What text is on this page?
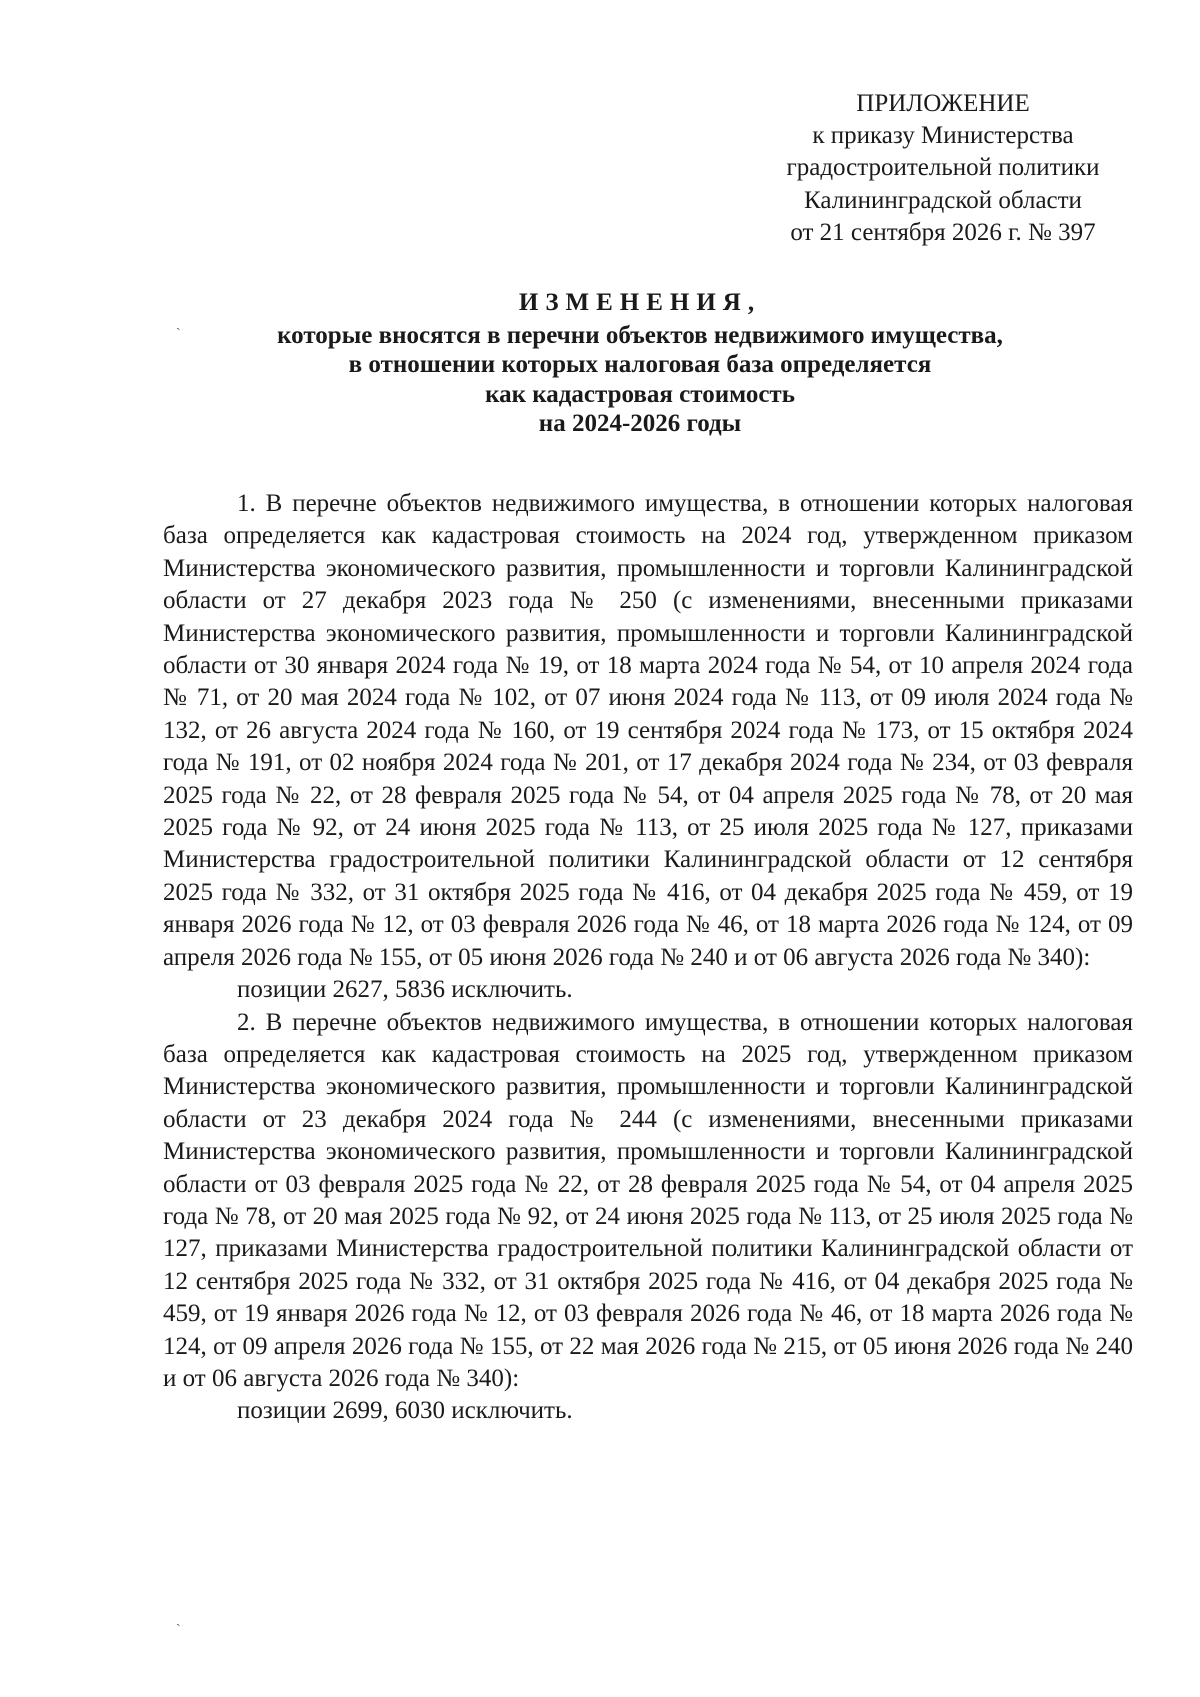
ПРИЛОЖЕНИЕ
к приказу Министерства
градостроительной политики
Калининградской области
от 21 сентября 2026 г. № 397
ИЗМЕНЕНИЯ,
которые вносятся в перечни объектов недвижимого имущества,
в отношении которых налоговая база определяется
как кадастровая стоимость
на 2024-2026 годы

1. В перечне объектов недвижимого имущества, в отношении которых налоговая база определяется как кадастровая стоимость на 2024 год, утвержденном приказом Министерства экономического развития, промышленности и торговли Калининградской области от 27 декабря 2023 года № 250 (с изменениями, внесенными приказами Министерства экономического развития, промышленности и торговли Калининградской области от 30 января 2024 года № 19, от 18 марта 2024 года № 54, от 10 апреля 2024 года № 71, от 20 мая 2024 года № 102, от 07 июня 2024 года № 113, от 09 июля 2024 года № 132, от 26 августа 2024 года № 160, от 19 сентября 2024 года № 173, от 15 октября 2024 года № 191, от 02 ноября 2024 года № 201, от 17 декабря 2024 года № 234, от 03 февраля 2025 года № 22, от 28 февраля 2025 года № 54, от 04 апреля 2025 года № 78, от 20 мая 2025 года № 92, от 24 июня 2025 года № 113, от 25 июля 2025 года № 127, приказами Министерства градостроительной политики Калининградской области от 12 сентября 2025 года № 332, от 31 октября 2025 года № 416, от 04 декабря 2025 года № 459, от 19 января 2026 года № 12, от 03 февраля 2026 года № 46, от 18 марта 2026 года № 124, от 09 апреля 2026 года № 155, от 05 июня 2026 года № 240 и от 06 августа 2026 года № 340):

позиции 2627, 5836 исключить.

2. В перечне объектов недвижимого имущества, в отношении которых налоговая база определяется как кадастровая стоимость на 2025 год, утвержденном приказом Министерства экономического развития, промышленности и торговли Калининградской области от 23 декабря 2024 года № 244 (с изменениями, внесенными приказами Министерства экономического развития, промышленности и торговли Калининградской области от 03 февраля 2025 года № 22, от 28 февраля 2025 года № 54, от 04 апреля 2025 года № 78, от 20 мая 2025 года № 92, от 24 июня 2025 года № 113, от 25 июля 2025 года № 127, приказами Министерства градостроительной политики Калининградской области от 12 сентября 2025 года № 332, от 31 октября 2025 года № 416, от 04 декабря 2025 года № 459, от 19 января 2026 года № 12, от 03 февраля 2026 года № 46, от 18 марта 2026 года № 124, от 09 апреля 2026 года № 155, от 22 мая 2026 года № 215, от 05 июня 2026 года № 240 и от 06 августа 2026 года № 340):

позиции 2699, 6030 исключить.

ˏ
ˏ
